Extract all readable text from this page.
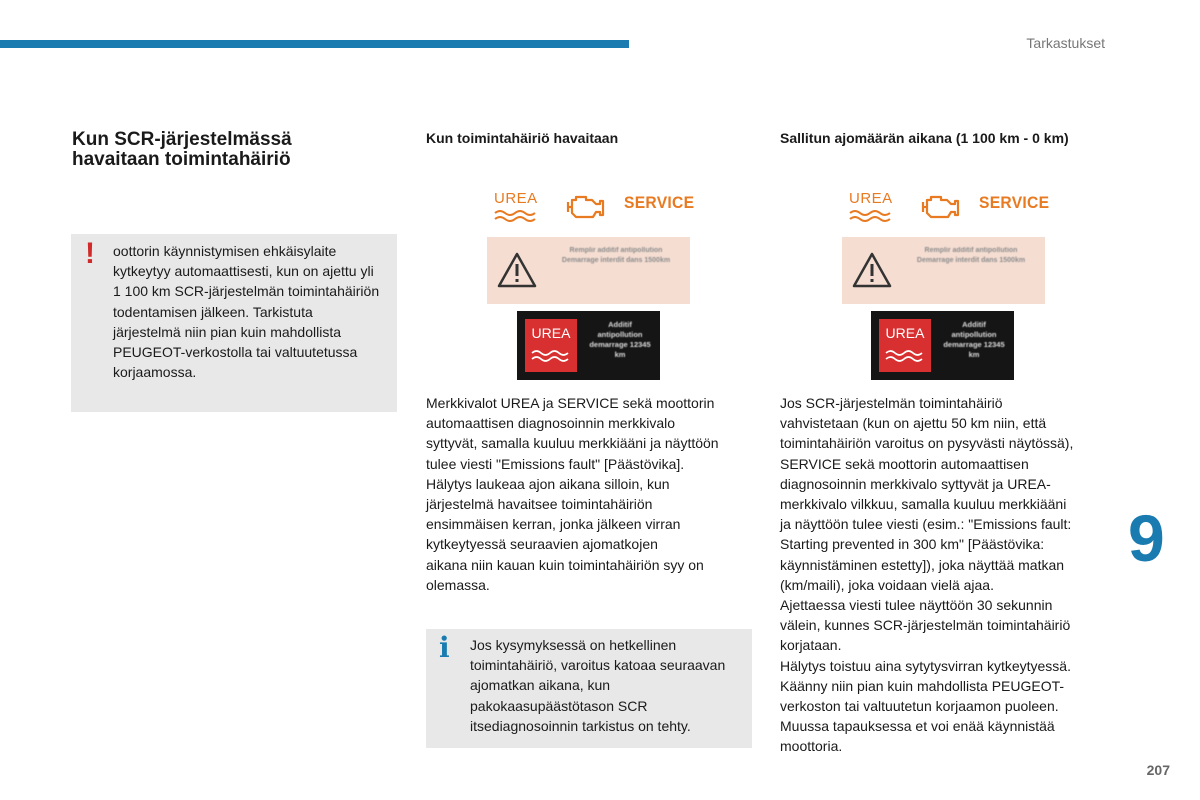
Tarkastukset
9
207
Kun SCR-järjestelmässä havaitaan toimintahäiriö
! oottorin käynnistymisen ehkäisylaite kytkeytyy automaattisesti, kun on ajettu yli 1 100 km SCR-järjestelmän toimintahäiriön todentamisen jälkeen. Tarkistuta järjestelmä niin pian kuin mahdollista PEUGEOT-verkostolla tai valtuutetussa korjaamossa.
Kun toimintahäiriö havaitaan
UREA	SERVICE
Remplir additif antipollution Demarrage interdit dans 1500km
UREA
Additif antipollution demarrage 12345 km

Merkkivalot UREA ja SERVICE sekä moottorin
automaattisen diagnosoinnin merkkivalo
syttyvät, samalla kuuluu merkkiääni ja näyttöön
tulee viesti "Emissions fault" [Päästövika].
Hälytys laukeaa ajon aikana silloin, kun
järjestelmä havaitsee toimintahäiriön
ensimmäisen kerran, jonka jälkeen virran
kytkeytyessä seuraavien ajomatkojen
aikana niin kauan kuin toimintahäiriön syy on
olemassa.

i Jos kysymyksessä on hetkellinen toimintahäiriö, varoitus katoaa seuraavan ajomatkan aikana, kun pakokaasupäästötason SCR itsediagnosoinnin tarkistus on tehty.
Sallitun ajomäärän aikana (1 100 km - 0 km)
UREA	SERVICE
Remplir additif antipollution Demarrage interdit dans 1500km
UREA
Additif antipollution demarrage 12345 km

Jos SCR-järjestelmän toimintahäiriö
vahvistetaan (kun on ajettu 50 km niin, että
toimintahäiriön varoitus on pysyvästi näytössä),
SERVICE sekä moottorin automaattisen
diagnosoinnin merkkivalo syttyvät ja UREA-
merkkivalo vilkkuu, samalla kuuluu merkkiääni
ja näyttöön tulee viesti (esim.: "Emissions fault:
Starting prevented in 300 km" [Päästövika:
käynnistäminen estetty]), joka näyttää matkan
(km/maili), joka voidaan vielä ajaa.
Ajettaessa viesti tulee näyttöön 30 sekunnin
välein, kunnes SCR-järjestelmän toimintahäiriö
korjataan.
Hälytys toistuu aina sytytysvirran kytkeytyessä.
Käänny niin pian kuin mahdollista PEUGEOT-
verkoston tai valtuutetun korjaamon puoleen.
Muussa tapauksessa et voi enää käynnistää
moottoria.
